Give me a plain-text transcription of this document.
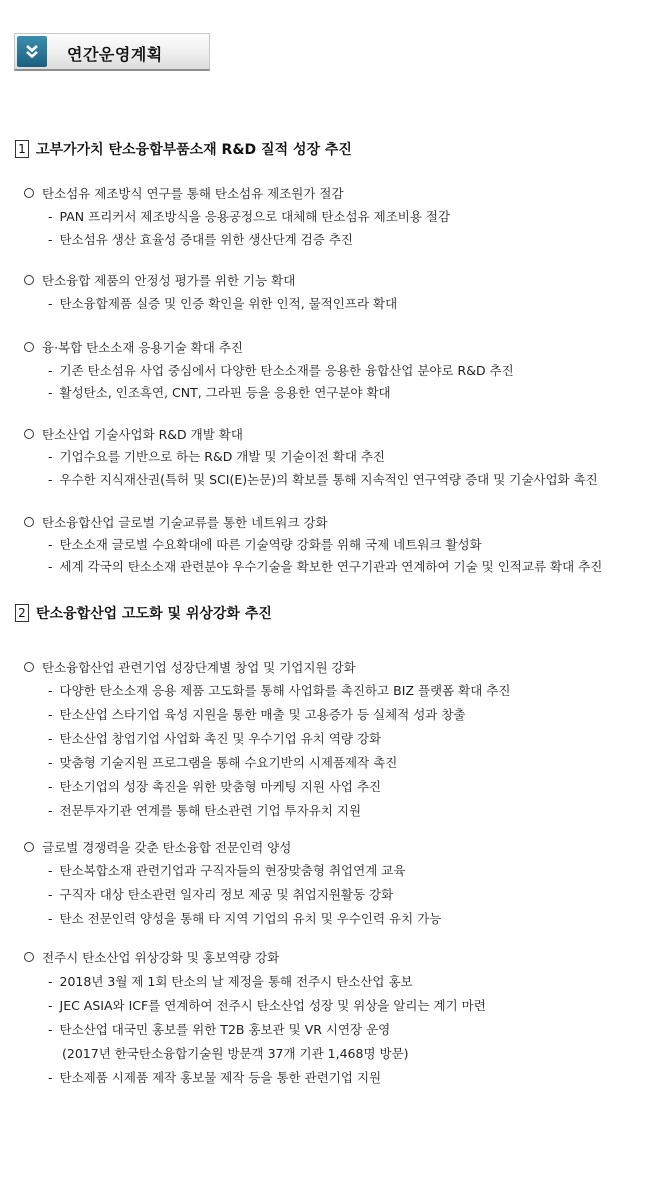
연간운영계획
1 고부가가치 탄소융합부품소재 R&D 질적 성장 추진
탄소섬유 제조방식 연구를 통해 탄소섬유 제조원가 절감
- PAN 프리커서 제조방식을 응용공정으로 대체해 탄소섬유 제조비용 절감
- 탄소섬유 생산 효율성 증대를 위한 생산단계 검증 추진
탄소융합 제품의 안정성 평가를 위한 기능 확대
- 탄소융합제품 실증 및 인증 확인을 위한 인적, 물적인프라 확대
융·복합 탄소소재 응용기술 확대 추진
- 기존 탄소섬유 사업 중심에서 다양한 탄소소재를 응용한 융합산업 분야로 R&D 추진
- 활성탄소, 인조흑연, CNT, 그라핀 등을 응용한 연구분야 확대
탄소산업 기술사업화 R&D 개발 확대
- 기업수요를 기반으로 하는 R&D 개발 및 기술이전 확대 추진
- 우수한 지식재산권(특허 및 SCI(E)논문)의 확보를 통해 지속적인 연구역량 증대 및 기술사업화 촉진
탄소융합산업 글로벌 기술교류를 통한 네트워크 강화
- 탄소소재 글로벌 수요확대에 따른 기술역량 강화를 위해 국제 네트워크 활성화
- 세계 각국의 탄소소재 관련분야 우수기술을 확보한 연구기관과 연계하여 기술 및 인적교류 확대 추진
2 탄소융합산업 고도화 및 위상강화 추진
탄소융합산업 관련기업 성장단계별 창업 및 기업지원 강화
- 다양한 탄소소재 응용 제품 고도화를 통해 사업화를 촉진하고 BIZ 플랫폼 확대 추진
- 탄소산업 스타기업 육성 지원을 통한 매출 및 고용증가 등 실체적 성과 창출
- 탄소산업 창업기업 사업화 촉진 및 우수기업 유치 역량 강화
- 맞춤형 기술지원 프로그램을 통해 수요기반의 시제품제작 촉진
- 탄소기업의 성장 촉진을 위한 맞춤형 마케팅 지원 사업 추진
- 전문투자기관 연계를 통해 탄소관련 기업 투자유치 지원
글로벌 경쟁력을 갖춘 탄소융합 전문인력 양성
- 탄소복합소재 관련기업과 구직자들의 현장맞춤형 취업연계 교육
- 구직자 대상 탄소관련 일자리 정보 제공 및 취업지원활동 강화
- 탄소 전문인력 양성을 통해 타 지역 기업의 유치 및 우수인력 유치 가능
전주시 탄소산업 위상강화 및 홍보역량 강화
- 2018년 3월 제 1회 탄소의 날 제정을 통해 전주시 탄소산업 홍보
- JEC ASIA와 ICF를 연계하여 전주시 탄소산업 성장 및 위상을 알리는 계기 마련
- 탄소산업 대국민 홍보를 위한 T2B 홍보관 및 VR 시연장 운영
(2017년 한국탄소융합기술원 방문객 37개 기관 1,468명 방문)
- 탄소제품 시제품 제작 홍보물 제작 등을 통한 관련기업 지원
